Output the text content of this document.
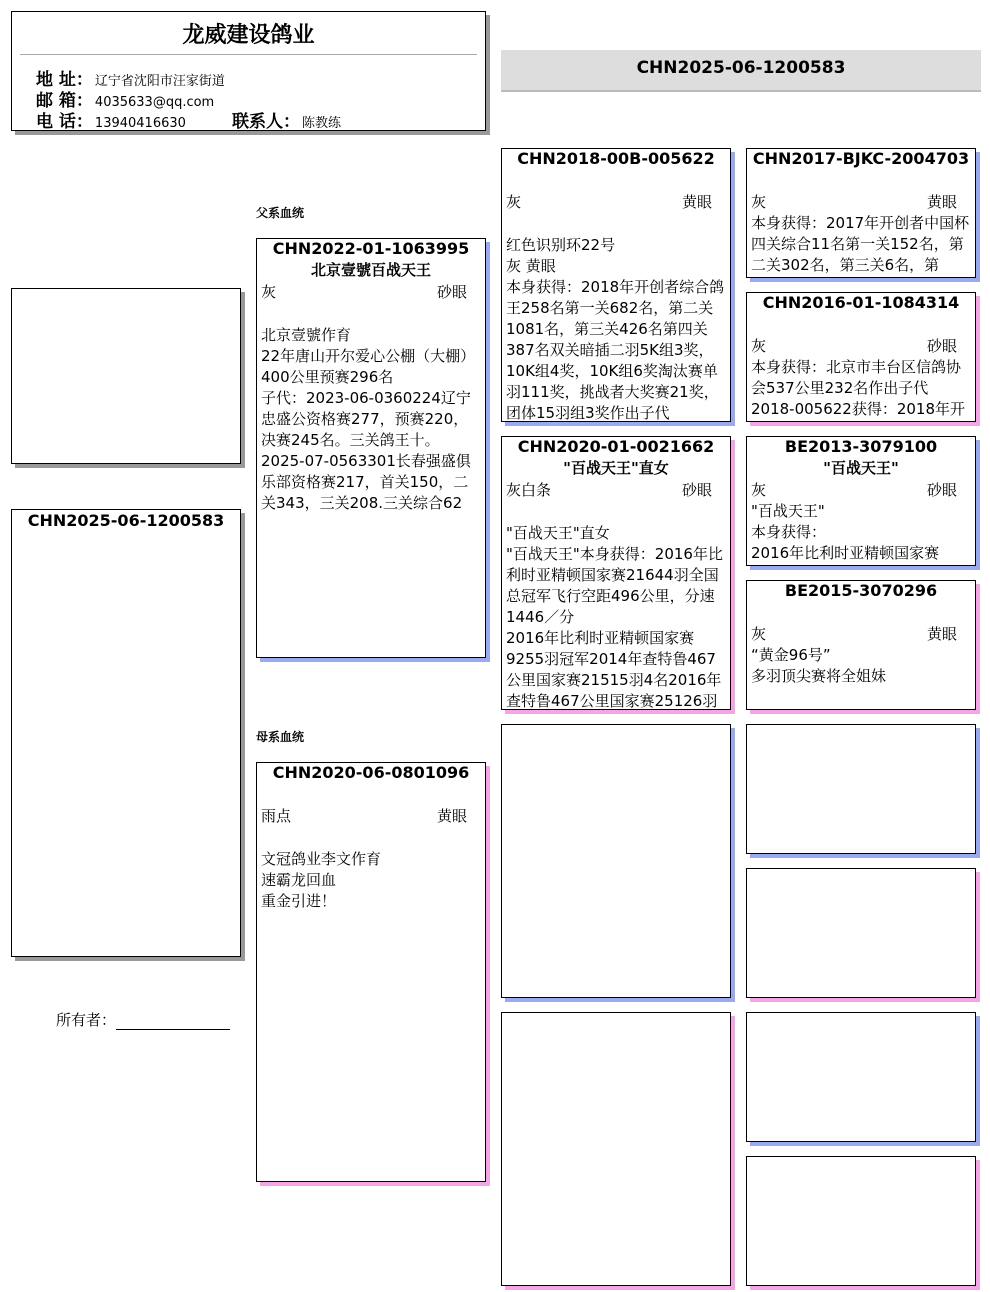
龙威建设鸽业
地 址： 辽宁省沈阳市汪家街道
邮 箱： 4035633@qq.com
电 话： 13940416630	联系人： 陈教练
CHN2025-06-1200583
CHN2025-06-1200583
所有者：
父系血统
母系血统
CHN2022-01-1063995
北京壹號百战天王
灰	砂眼

北京壹號作育

22年唐山开尔爱心公棚（大棚）400公里预赛296名

子代：2023-06-0360224辽宁忠盛公资格赛277，预赛220，决赛245名。三关鸽王十。

2025-07-0563301长春强盛俱乐部资格赛217，首关150，二关343，三关208.三关综合62

CHN2020-06-0801096
雨点	黄眼

文冠鸽业李文作育

速霸龙回血

重金引进！

CHN2018-00B-005622
灰	黄眼

红色识别环22号

灰 黄眼

本身获得：2018年开创者综合鸽王258名第一关682名，第二关1081名，第三关426名第四关387名双关暗插二羽5K组3奖，10K组4奖，10K组6奖淘汰赛单羽111奖，挑战者大奖赛21奖，团体15羽组3奖作出子代

CHN2020-01-0021662
"百战天王"直女
灰白条	砂眼

"百战天王"直女

"百战天王"本身获得：2016年比利时亚精顿国家赛21644羽全国总冠军飞行空距496公里，分速1446／分

2016年比利时亚精顿国家赛9255羽冠军2014年查特鲁467公里国家赛21515羽4名2016年查特鲁467公里国家赛25126羽

CHN2017-BJKC-2004703
灰	黄眼

本身获得：2017年开创者中国杯四关综合11名第一关152名，第二关302名，第三关6名，第

CHN2016-01-1084314
灰	砂眼

本身获得：北京市丰台区信鸽协会537公里232名作出子代2018-005622获得：2018年开

BE2013-3079100
"百战天王"
灰	砂眼

"百战天王"

本身获得：

2016年比利时亚精顿国家赛

BE2015-3070296
灰	黄眼

“黄金96号”

多羽顶尖赛将全姐妹
